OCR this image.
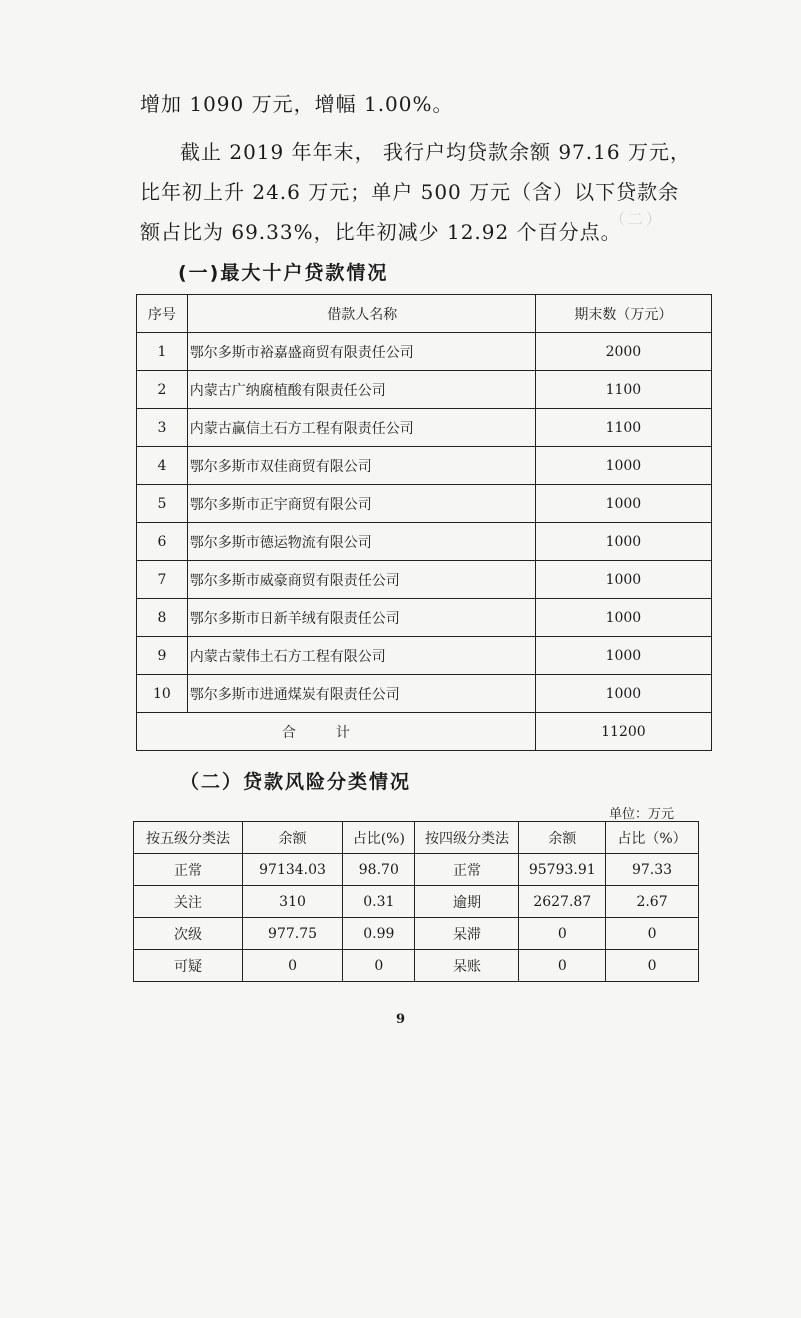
（二）

增加 1090 万元，增幅 1.00%。

截止 2019 年年末， 我行户均贷款余额 97.16 万元，比年初上升 24.6 万元；单户 500 万元（含）以下贷款余额占比为 69.33%，比年初减少 12.92 个百分点。

(一)最大十户贷款情况
序号	借款人名称	期末数（万元）
1	鄂尔多斯市裕嘉盛商贸有限责任公司	2000
2	内蒙古广纳腐植酸有限责任公司	1100
3	内蒙古赢信土石方工程有限责任公司	1100
4	鄂尔多斯市双佳商贸有限公司	1000
5	鄂尔多斯市正宇商贸有限公司	1000
6	鄂尔多斯市德运物流有限公司	1000
7	鄂尔多斯市威豪商贸有限责任公司	1000
8	鄂尔多斯市日新羊绒有限责任公司	1000
9	内蒙古蒙伟土石方工程有限公司	1000
10	鄂尔多斯市进通煤炭有限责任公司	1000
合计		11200
（二）贷款风险分类情况
单位：万元
按五级分类法	余额	占比(%)	按四级分类法	余额	占比（%）
正常	97134.03	98.70	正常	95793.91	97.33
关注	310	0.31	逾期	2627.87	2.67
次级	977.75	0.99	呆滞	0	0
可疑	0	0	呆账	0	0
9
